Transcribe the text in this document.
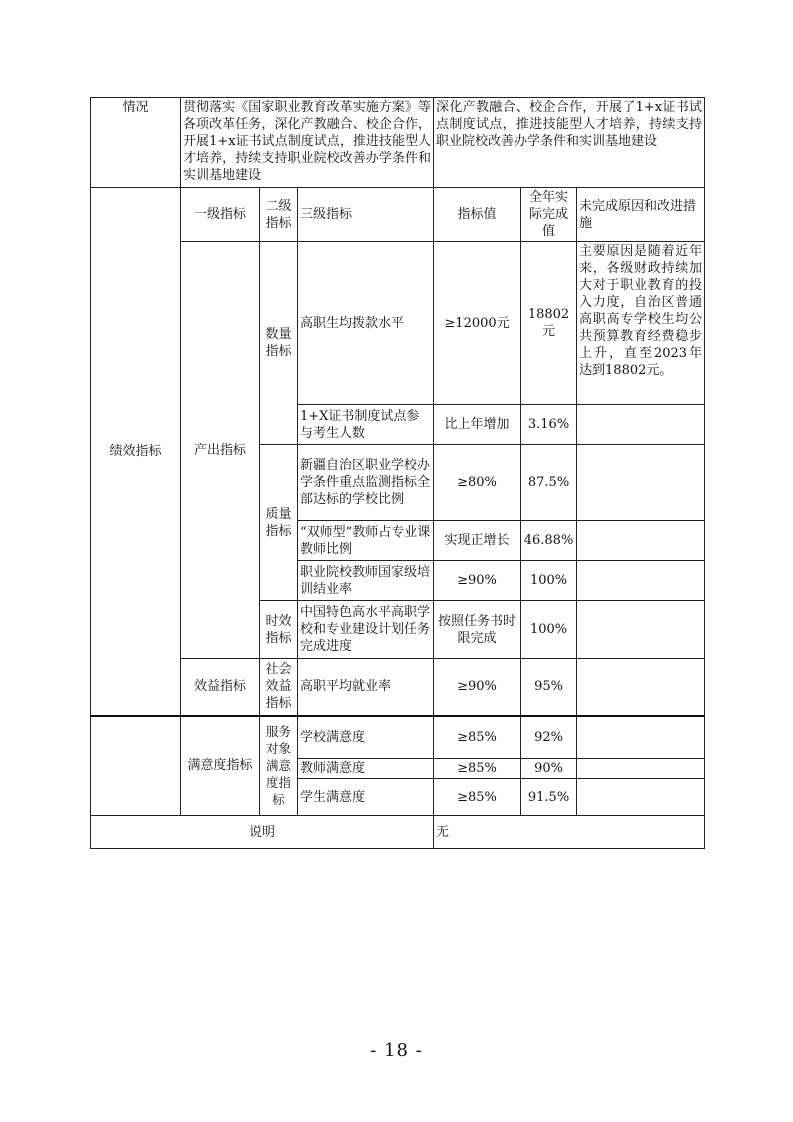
情况	贯彻落实《国家职业教育改革实施方案》等各项改革任务，深化产教融合、校企合作，开展1+x证书试点制度试点，推进技能型人才培养，持续支持职业院校改善办学条件和实训基地建设			深化产教融合、校企合作，开展了1+x证书试点制度试点，推进技能型人才培养，持续支持职业院校改善办学条件和实训基地建设		
绩效指标	一级指标	二级指标	三级指标	指标值	全年实际完成值	未完成原因和改进措施
	产出指标	数量指标	高职生均拨款水平	≥12000元	18802元	主要原因是随着近年来，各级财政持续加大对于职业教育的投入力度，自治区普通高职高专学校生均公共预算教育经费稳步上升，直至2023年达到18802元。
			1+X证书制度试点参与考生人数	比上年增加	3.16%	
		质量指标	新疆自治区职业学校办学条件重点监测指标全部达标的学校比例	≥80%	87.5%	
			“双师型”教师占专业课教师比例	实现正增长	46.88%	
			职业院校教师国家级培训结业率	≥90%	100%	
		时效指标	中国特色高水平高职学校和专业建设计划任务完成进度	按照任务书时限完成	100%	
	效益指标	社会效益指标	高职平均就业率	≥90%	95%	
	满意度指标	服务对象满意度指标	学校满意度	≥85%	92%	
			教师满意度	≥85%	90%	
			学生满意度	≥85%	91.5%	
说明				无		
- 18 -
